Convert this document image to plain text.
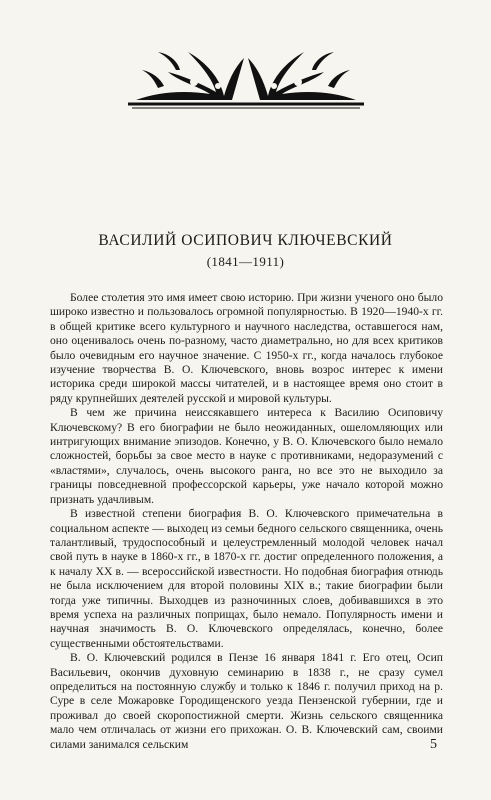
ВАСИЛИЙ ОСИПОВИЧ КЛЮЧЕВСКИЙ
(1841—1911)

Более столетия это имя имеет свою историю. При жизни ученого оно было широко известно и пользовалось огромной популярностью. В 1920—1940-х гг. в общей критике всего культурного и научного наследства, оставшегося нам, оно оценивалось очень по-разному, часто диаметрально, но для всех критиков было очевидным его научное значение. С 1950-х гг., когда началось глубокое изучение творчества В. О. Ключевского, вновь возрос интерес к имени историка среди широкой массы читателей, и в настоящее время оно стоит в ряду крупнейших деятелей русской и мировой культуры.

В чем же причина неиссякавшего интереса к Василию Осиповичу Ключевскому? В его биографии не было неожиданных, ошеломляющих или интригующих внимание эпизодов. Конечно, у В. О. Ключевского было немало сложностей, борьбы за свое место в науке с противниками, недоразумений с «властями», случалось, очень высокого ранга, но все это не выходило за границы повседневной профессорской карьеры, уже начало которой можно признать удачливым.

В известной степени биография В. О. Ключевского примечательна в социальном аспекте — выходец из семьи бедного сельского священника, очень талантливый, трудоспособный и целеустремленный молодой человек начал свой путь в науке в 1860-х гг., в 1870-х гг. достиг определенного положения, а к началу XX в. — всероссийской известности. Но подобная биография отнюдь не была исключением для второй половины XIX в.; такие биографии были тогда уже типичны. Выходцев из разночинных слоев, добивавшихся в это время успеха на различных поприщах, было немало. Популярность имени и научная значимость В. О. Ключевского определялась, конечно, более существенными обстоятельствами.

В. О. Ключевский родился в Пензе 16 января 1841 г. Его отец, Осип Васильевич, окончив духовную семинарию в 1838 г., не сразу сумел определиться на постоянную службу и только к 1846 г. получил приход на р. Суре в селе Можаровке Городищенского уезда Пензенской губернии, где и проживал до своей скоропостижной смерти. Жизнь сельского священника мало чем отличалась от жизни его прихожан. О. В. Ключевский сам, своими силами занимался сельским	5
